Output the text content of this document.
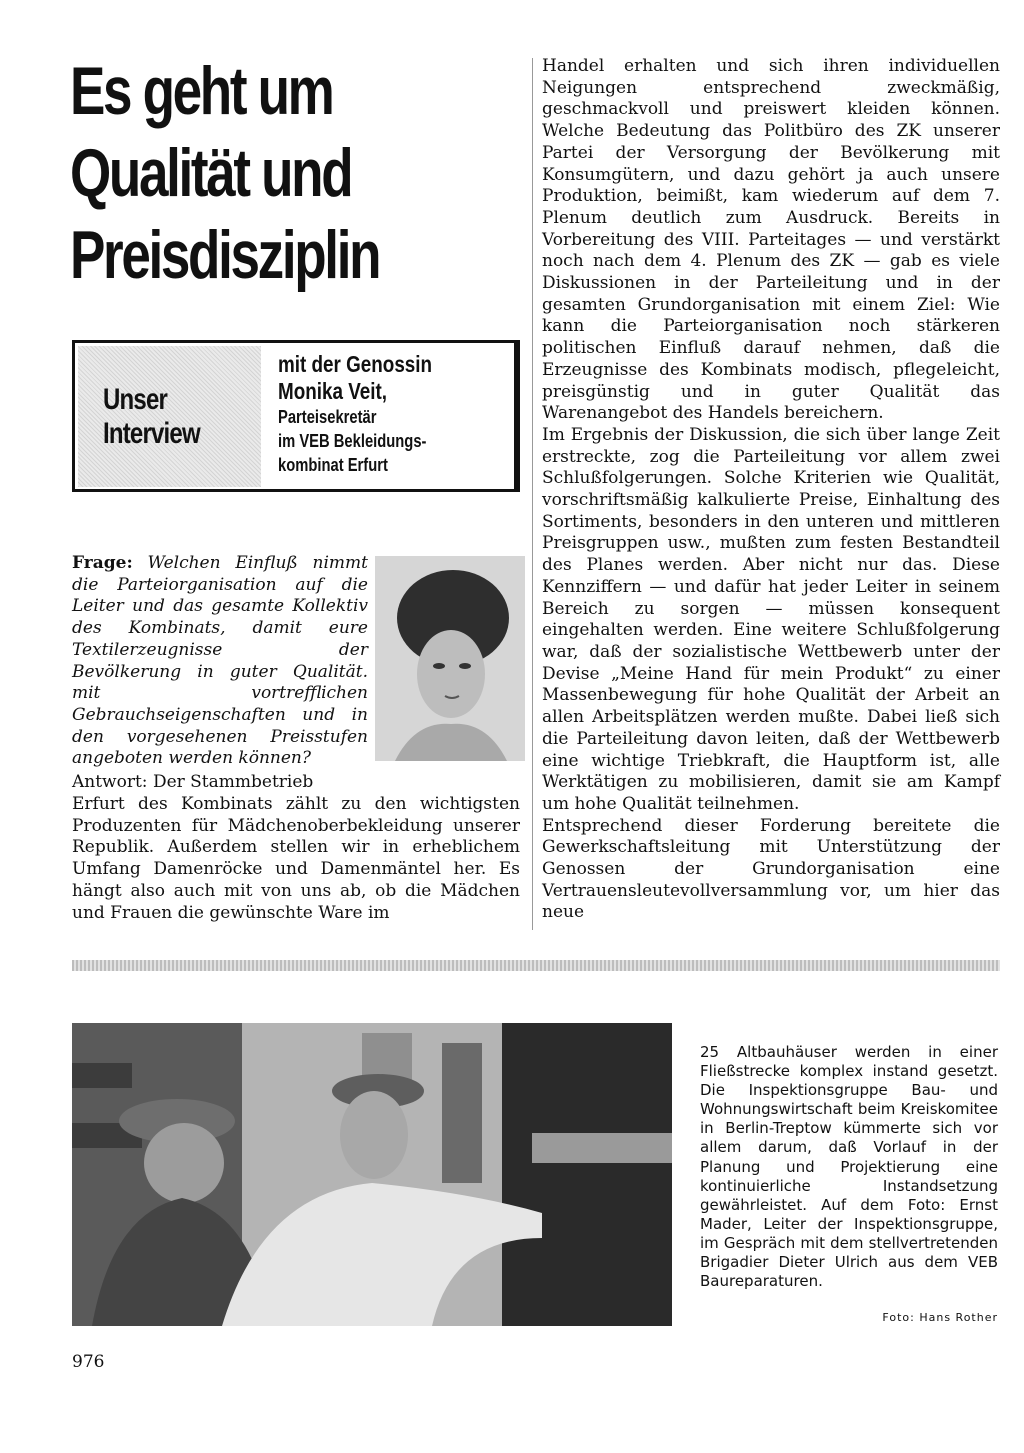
Es geht um
Qualität und
Preisdisziplin
Unser
Interview
mit der Genossin
Monika Veit,
Parteisekretär
im VEB Bekleidungs-
kombinat Erfurt
Frage: Welchen Einfluß nimmt die Parteiorganisation auf die Leiter und das gesamte Kollektiv des Kombinats, damit eure Textilerzeugnisse der Bevölkerung in guter Qualität. mit vortrefflichen Gebrauchseigenschaften und in den vorgesehenen Preisstufen angeboten werden können?
Antwort: Der Stammbetrieb
Erfurt des Kombinats zählt zu den wichtigsten Produzenten für Mädchenoberbekleidung unserer Republik. Außerdem stellen wir in erheblichem Umfang Damenröcke und Damenmäntel her. Es hängt also auch mit von uns ab, ob die Mädchen und Frauen die gewünschte Ware im

Handel erhalten und sich ihren individuellen Neigungen entsprechend zweckmäßig, geschmackvoll und preiswert kleiden können. Welche Bedeutung das Politbüro des ZK unserer Partei der Versorgung der Bevölkerung mit Konsumgütern, und dazu gehört ja auch unsere Produktion, beimißt, kam wiederum auf dem 7. Plenum deutlich zum Ausdruck. Bereits in Vorbereitung des VIII. Parteitages — und verstärkt noch nach dem 4. Plenum des ZK — gab es viele Diskussionen in der Parteileitung und in der gesamten Grundorganisation mit einem Ziel: Wie kann die Parteiorganisation noch stärkeren politischen Einfluß darauf nehmen, daß die Erzeugnisse des Kombinats modisch, pflegeleicht, preisgünstig und in guter Qualität das Warenangebot des Handels bereichern.

Im Ergebnis der Diskussion, die sich über lange Zeit erstreckte, zog die Parteileitung vor allem zwei Schlußfolgerungen. Solche Kriterien wie Qualität, vorschriftsmäßig kalkulierte Preise, Einhaltung des Sortiments, besonders in den unteren und mittleren Preisgruppen usw., mußten zum festen Bestandteil des Planes werden. Aber nicht nur das. Diese Kennziffern — und dafür hat jeder Leiter in seinem Bereich zu sorgen — müssen konsequent eingehalten werden. Eine weitere Schlußfolgerung war, daß der sozialistische Wettbewerb unter der Devise „Meine Hand für mein Produkt“ zu einer Massenbewegung für hohe Qualität der Arbeit an allen Arbeitsplätzen werden mußte. Dabei ließ sich die Parteileitung davon leiten, daß der Wettbewerb eine wichtige Triebkraft, die Hauptform ist, alle Werktätigen zu mobilisieren, damit sie am Kampf um hohe Qualität teilnehmen.

Entsprechend dieser Forderung bereitete die Gewerkschaftsleitung mit Unterstützung der Genossen der Grundorganisation eine Vertrauensleutevollversammlung vor, um hier das neue

25 Altbauhäuser werden in einer Fließstrecke komplex instand gesetzt. Die Inspektionsgruppe Bau- und Wohnungswirtschaft beim Kreiskomitee in Berlin-Treptow kümmerte sich vor allem darum, daß Vorlauf in der Planung und Projektierung eine kontinuierliche Instandsetzung gewährleistet. Auf dem Foto: Ernst Mader, Leiter der Inspektionsgruppe, im Gespräch mit dem stellvertretenden Brigadier Dieter Ulrich aus dem VEB Baureparaturen.
Foto: Hans Rother
976
